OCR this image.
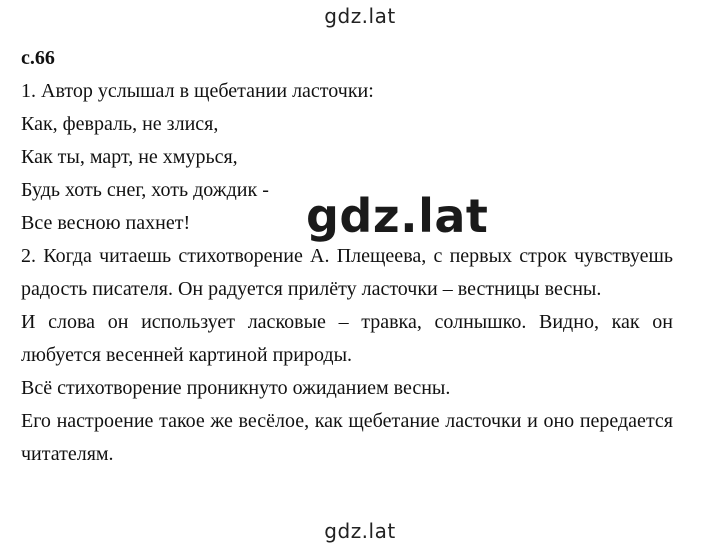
gdz.lat
с.66
1. Автор услышал в щебетании ласточки:
Как, февраль, не злися,
Как ты, март, не хмурься,
Будь хоть снег, хоть дождик -
Все весною пахнет!
2. Когда читаешь стихотворение А. Плещеева, с первых строк чувствуешь радость писателя. Он радуется прилёту ласточки – вестницы весны.
И слова он использует ласковые – травка, солнышко. Видно, как он любуется весенней картиной природы.
Всё стихотворение проникнуто ожиданием весны.
Его настроение такое же весёлое, как щебетание ласточки и оно передается читателям.
gdz.lat
gdz.lat
